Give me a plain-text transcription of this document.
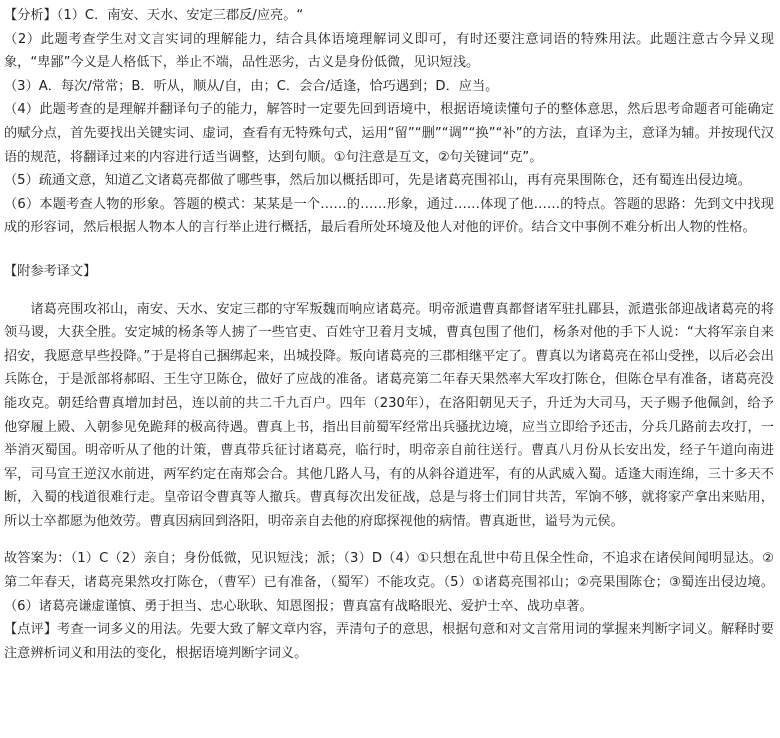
【分析】（1）C．南安、天水、安定三郡反/应亮。“

（2）此题考查学生对文言实词的理解能力，结合具体语境理解词义即可，有时还要注意词语的特殊用法。此题注意古今异义现象，“卑鄙”今义是人格低下，举止不端，品性恶劣，古义是身份低微，见识短浅。

（3）A．每次/常常；B．听从，顺从/自，由；C．会合/适逢，恰巧遇到；D．应当。

（4）此题考查的是理解并翻译句子的能力，解答时一定要先回到语境中，根据语境读懂句子的整体意思，然后思考命题者可能确定的赋分点，首先要找出关键实词、虚词，查看有无特殊句式，运用“留”“删”“调”“换”“补”的方法，直译为主，意译为辅。并按现代汉语的规范，将翻译过来的内容进行适当调整，达到句顺。①句注意是互文，②句关键词“克”。

（5）疏通文意，知道乙文诸葛亮都做了哪些事，然后加以概括即可，先是诸葛亮围祁山，再有亮果围陈仓，还有蜀连出侵边境。

（6）本题考查人物的形象。答题的模式：某某是一个……的……形象，通过……体现了他……的特点。答题的思路：先到文中找现成的形容词，然后根据人物本人的言行举止进行概括，最后看所处环境及他人对他的评价。结合文中事例不难分析出人物的性格。

【附参考译文】

诸葛亮围攻祁山，南安、天水、安定三郡的守军叛魏而响应诸葛亮。明帝派遣曹真都督诸军驻扎郿县，派遣张郃迎战诸葛亮的将领马谡，大获全胜。安定城的杨条等人掳了一些官吏、百姓守卫着月支城，曹真包围了他们，杨条对他的手下人说：“大将军亲自来招安，我愿意早些投降。”于是将自己捆绑起来，出城投降。叛向诸葛亮的三郡相继平定了。曹真以为诸葛亮在祁山受挫，以后必会出兵陈仓，于是派部将郝昭、王生守卫陈仓，做好了应战的准备。诸葛亮第二年春天果然率大军攻打陈仓，但陈仓早有准备，诸葛亮没能攻克。朝廷给曹真增加封邑，连以前的共二千九百户。四年（230年），在洛阳朝见天子，升迁为大司马，天子赐予他佩剑，给予他穿履上殿、入朝参见免跪拜的极高待遇。曹真上书，指出目前蜀军经常出兵骚扰边境，应当立即给予还击，分兵几路前去攻打，一举消灭蜀国。明帝听从了他的计策，曹真带兵征讨诸葛亮，临行时，明帝亲自前往送行。曹真八月份从长安出发，经子午道向南进军，司马宣王逆汉水前进，两军约定在南郑会合。其他几路人马，有的从斜谷道进军，有的从武威入蜀。适逢大雨连绵，三十多天不断，入蜀的栈道很难行走。皇帝诏令曹真等人撤兵。曹真每次出发征战，总是与将士们同甘共苦，军饷不够，就将家产拿出来贴用，所以士卒都愿为他效劳。曹真因病回到洛阳，明帝亲自去他的府邸探视他的病情。曹真逝世，谥号为元侯。

故答案为：（1）C（2）亲自；身份低微，见识短浅；派；（3）D（4）①只想在乱世中苟且保全性命，不追求在诸侯间闻明显达。②第二年春天，诸葛亮果然攻打陈仓，（曹军）已有准备，（蜀军）不能攻克。（5）①诸葛亮围祁山；②亮果围陈仓；③蜀连出侵边境。（6）诸葛亮谦虚谨慎、勇于担当、忠心耿耿、知恩图报；曹真富有战略眼光、爱护士卒、战功卓著。

【点评】考查一词多义的用法。先要大致了解文章内容，弄清句子的意思，根据句意和对文言常用词的掌握来判断字词义。解释时要注意辨析词义和用法的变化，根据语境判断字词义。
